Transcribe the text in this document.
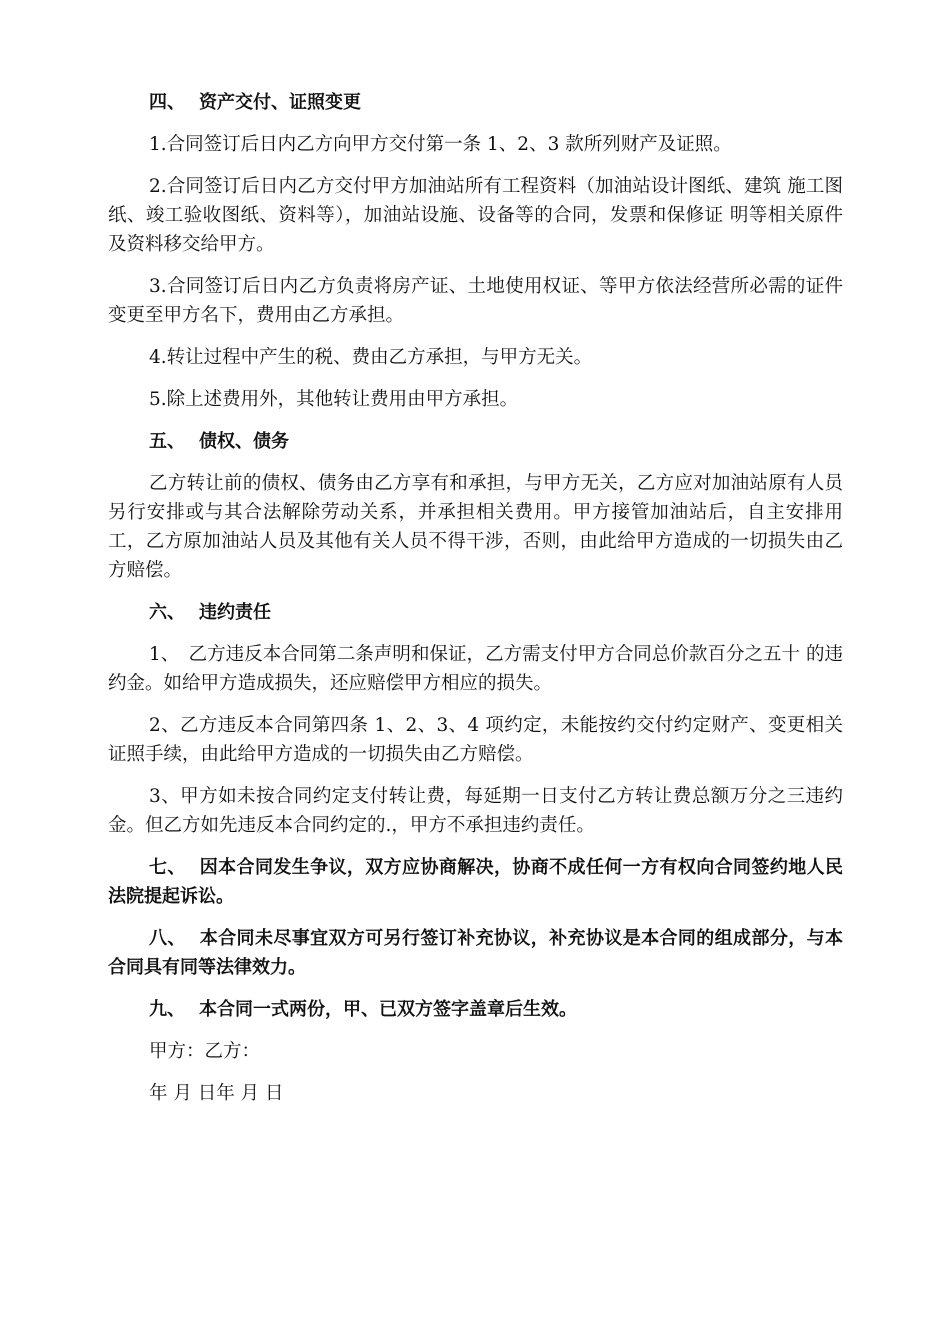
四、 资产交付、证照变更

1.合同签订后日内乙方向甲方交付第一条 1、2、3 款所列财产及证照。

2.合同签订后日内乙方交付甲方加油站所有工程资料（加油站设计图纸、建筑 施工图纸、竣工验收图纸、资料等），加油站设施、设备等的合同，发票和保修证 明等相关原件及资料移交给甲方。

3.合同签订后日内乙方负责将房产证、土地使用权证、等甲方依法经营所必需的证件变更至甲方名下，费用由乙方承担。

4.转让过程中产生的税、费由乙方承担，与甲方无关。

5.除上述费用外，其他转让费用由甲方承担。

五、 债权、债务

乙方转让前的债权、债务由乙方享有和承担，与甲方无关，乙方应对加油站原有人员另行安排或与其合法解除劳动关系，并承担相关费用。甲方接管加油站后，自主安排用工，乙方原加油站人员及其他有关人员不得干涉，否则，由此给甲方造成的一切损失由乙方赔偿。

六、 违约责任

1、　乙方违反本合同第二条声明和保证，乙方需支付甲方合同总价款百分之五十 的违约金。如给甲方造成损失，还应赔偿甲方相应的损失。

2、乙方违反本合同第四条 1、2、3、4 项约定，未能按约交付约定财产、变更相关证照手续，由此给甲方造成的一切损失由乙方赔偿。

3、甲方如未按合同约定支付转让费，每延期一日支付乙方转让费总额万分之三违约金。但乙方如先违反本合同约定的.，甲方不承担违约责任。

七、 因本合同发生争议，双方应协商解决，协商不成任何一方有权向合同签约地人民法院提起诉讼。

八、 本合同未尽事宜双方可另行签订补充协议，补充协议是本合同的组成部分，与本合同具有同等法律效力。

九、 本合同一式两份，甲、已双方签字盖章后生效。

甲方：乙方：

年 月 日年 月 日
